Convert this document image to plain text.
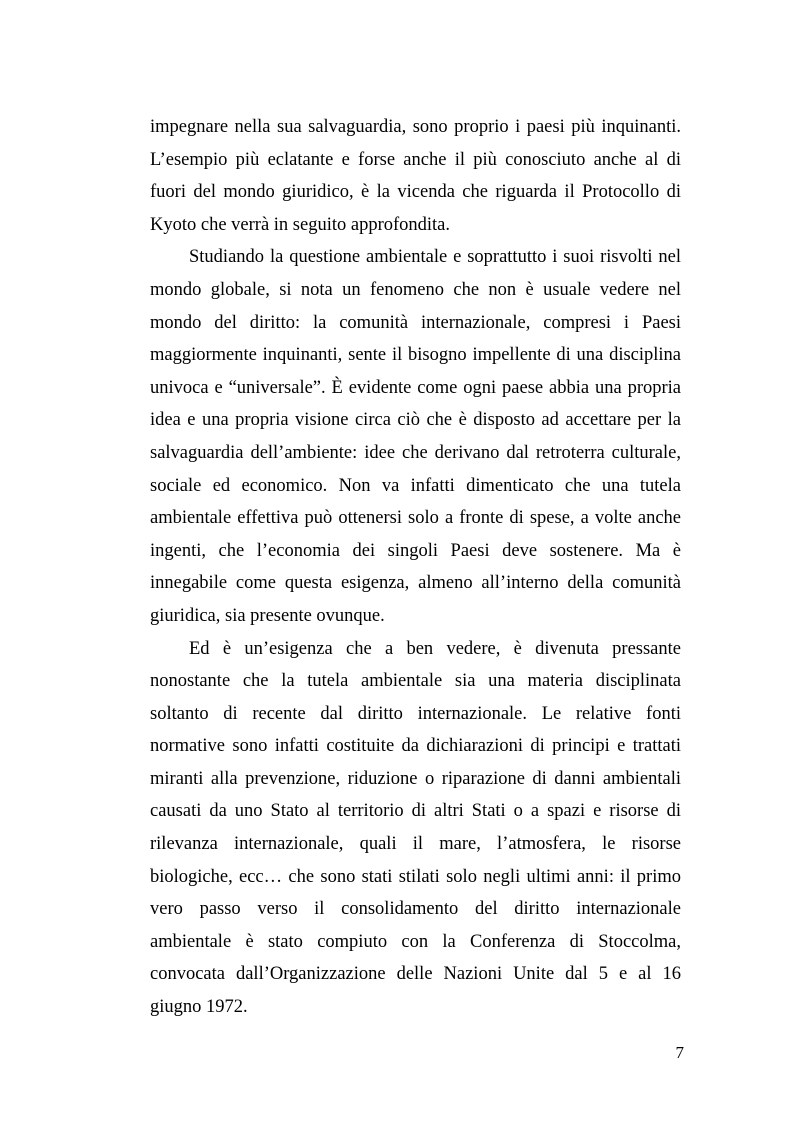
impegnare nella sua salvaguardia, sono proprio i paesi più inquinanti.
L’esempio più eclatante e forse anche il più conosciuto anche al di
fuori del mondo giuridico, è la vicenda che riguarda il Protocollo di
Kyoto che verrà in seguito approfondita.
Studiando la questione ambientale e soprattutto i suoi risvolti nel
mondo globale, si nota un fenomeno che non è usuale vedere nel
mondo del diritto: la comunità internazionale, compresi i Paesi
maggiormente inquinanti, sente il bisogno impellente di una disciplina
univoca e “universale”. È evidente come ogni paese abbia una propria
idea e una propria visione circa ciò che è disposto ad accettare per la
salvaguardia dell’ambiente: idee che derivano dal retroterra culturale,
sociale ed economico. Non va infatti dimenticato che una tutela
ambientale effettiva può ottenersi solo a fronte di spese, a volte anche
ingenti, che l’economia dei singoli Paesi deve sostenere. Ma è
innegabile come questa esigenza, almeno all’interno della comunità
giuridica, sia presente ovunque.
Ed è un’esigenza che a ben vedere, è divenuta pressante
nonostante che la tutela ambientale sia una materia disciplinata
soltanto di recente dal diritto internazionale. Le relative fonti
normative sono infatti costituite da dichiarazioni di principi e trattati
miranti alla prevenzione, riduzione o riparazione di danni ambientali
causati da uno Stato al territorio di altri Stati o a spazi e risorse di
rilevanza internazionale, quali il mare, l’atmosfera, le risorse
biologiche, ecc… che sono stati stilati solo negli ultimi anni: il primo
vero passo verso il consolidamento del diritto internazionale
ambientale è stato compiuto con la Conferenza di Stoccolma,
convocata dall’Organizzazione delle Nazioni Unite dal 5 e al 16
giugno 1972.
7
